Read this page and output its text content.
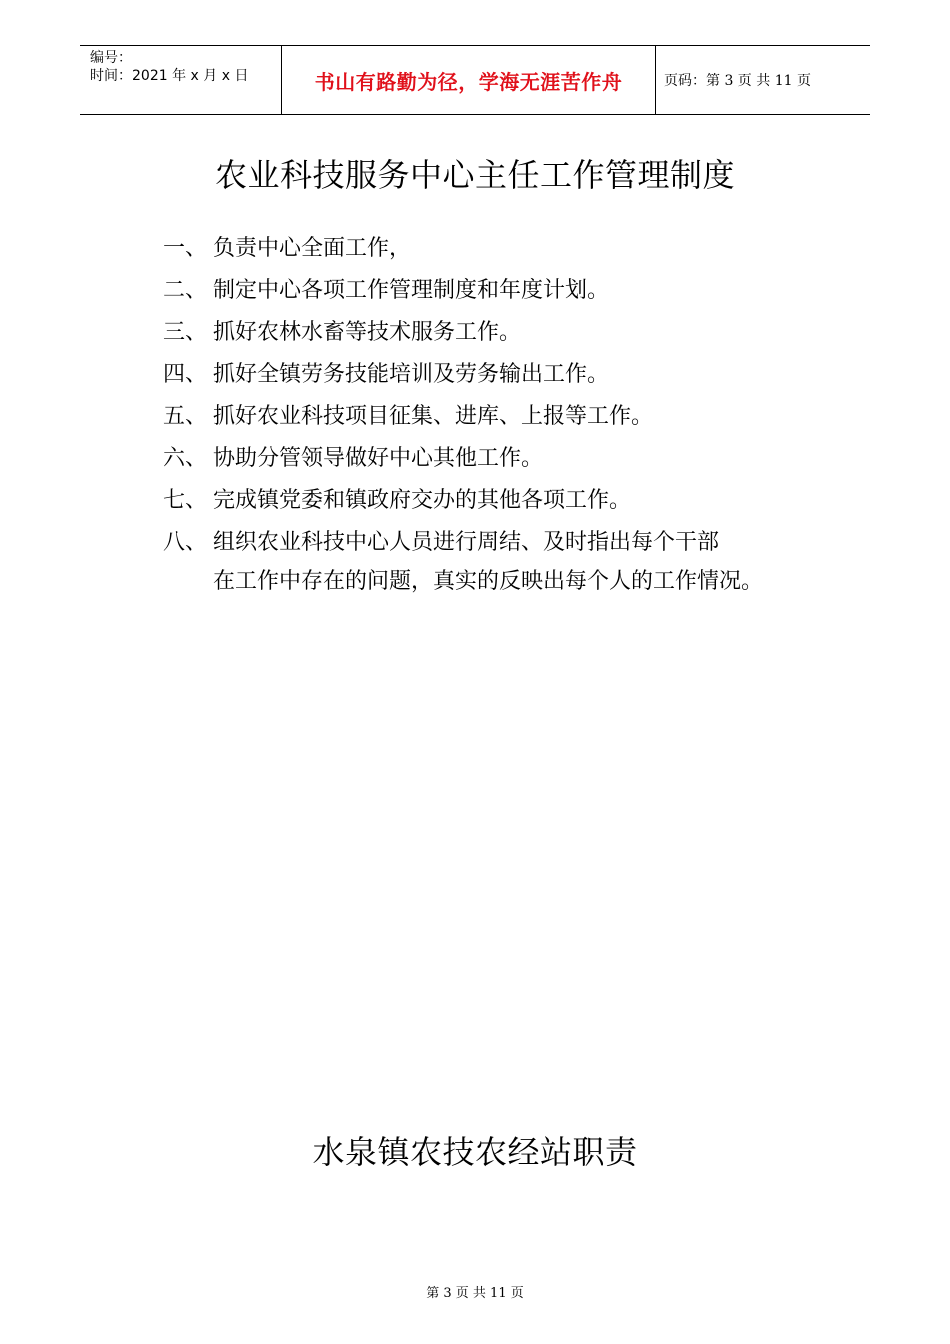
编号：
时间：2021 年 x 月 x 日	书山有路勤为径，学海无涯苦作舟	页码：第 3 页 共 11 页
农业科技服务中心主任工作管理制度
一、 负责中心全面工作，
二、 制定中心各项工作管理制度和年度计划。
三、 抓好农林水畜等技术服务工作。
四、 抓好全镇劳务技能培训及劳务输出工作。
五、 抓好农业科技项目征集、进库、上报等工作。
六、 协助分管领导做好中心其他工作。
七、 完成镇党委和镇政府交办的其他各项工作。
八、 组织农业科技中心人员进行周结、及时指出每个干部
在工作中存在的问题，真实的反映出每个人的工作情况。
水泉镇农技农经站职责
第 3 页 共 11 页
